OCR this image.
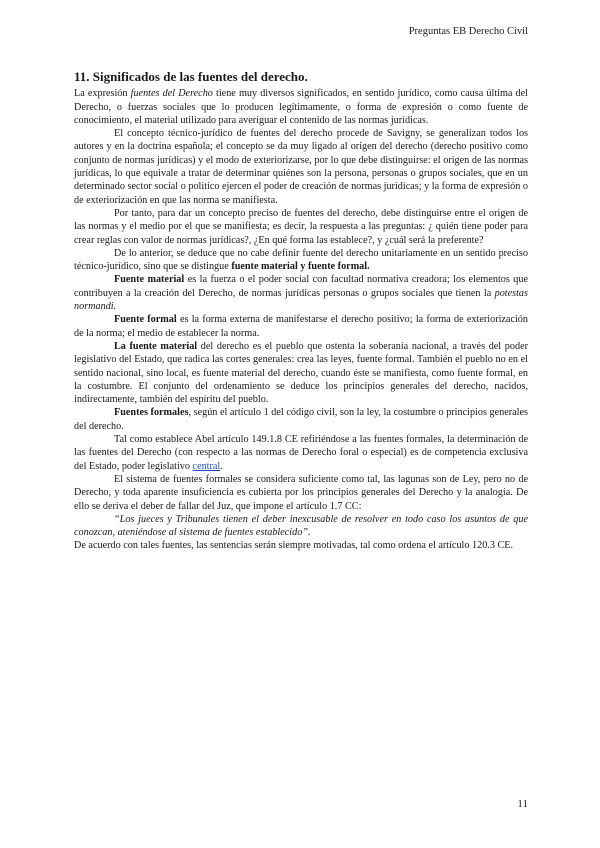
Preguntas EB Derecho Civil
11. Significados de las fuentes del derecho.

La expresión fuentes del Derecho tiene muy diversos significados, en sentido jurídico, como causa última del Derecho, o fuerzas sociales que lo producen legítimamente, o forma de expresión o como fuente de conocimiento, el material utilizado para averiguar el contenido de las normas jurídicas.

El concepto técnico-jurídico de fuentes del derecho procede de Savigny, se generalizan todos los autores y en la doctrina española; el concepto se da muy ligado al origen del derecho (derecho positivo como conjunto de normas jurídicas) y el modo de exteriorizarse, por lo que debe distinguirse: el origen de las normas jurídicas, lo que equivale a tratar de determinar quiénes son la persona, personas o grupos sociales, que en un determinado sector social o político ejercen el poder de creación de normas jurídicas; y la forma de expresión o de exteriorización en que las norma se manifiesta.

Por tanto, para dar un concepto preciso de fuentes del derecho, debe distinguirse entre el origen de las normas y el medio por el que se manifiesta; es decir, la respuesta a las preguntas: ¿ quién tiene poder para crear reglas con valor de normas jurídicas?, ¿En qué forma las establece?, y ¿cuál será la preferente?

De lo anterior, se deduce que no cabe definir fuente del derecho unitariamente en un sentido preciso técnico-jurídico, sino que se distingue fuente material y fuente formal.

Fuente material es la fuerza o el poder social con facultad normativa creadora; los elementos que contribuyen a la creación del Derecho, de normas jurídicas personas o grupos sociales que tienen la potestas normandi.

Fuente formal es la forma externa de manifestarse el derecho positivo; la forma de exteriorización de la norma; el medio de establecer la norma.

La fuente material del derecho es el pueblo que ostenta la soberanía nacional, a través del poder legislativo del Estado, que radica las cortes generales: crea las leyes, fuente formal. También el pueblo no en el sentido nacional, sino local, es fuente material del derecho, cuando éste se manifiesta, como fuente formal, en la costumbre. El conjunto del ordenamiento se deduce los principios generales del derecho, nacidos, indirectamente, también del espíritu del pueblo.

Fuentes formales, según el artículo 1 del código civil, son la ley, la costumbre o principios generales del derecho.

Tal como establece Abel artículo 149.1.8 CE refiriéndose a las fuentes formales, la determinación de las fuentes del Derecho (con respecto a las normas de Derecho foral o especial) es de competencia exclusiva del Estado, poder legislativo central.

El sistema de fuentes formales se considera suficiente como tal, las lagunas son de Ley, pero no de Derecho, y toda aparente insuficiencia es cubierta por los principios generales del Derecho y la analogía. De ello se deriva el deber de fallar del Juz, que impone el artículo 1.7 CC:

“Los jueces y Tribunales tienen el deber inexcusable de resolver en todo caso los asuntos de que conozcan, ateniéndose al sistema de fuentes establecido”.

De acuerdo con tales fuentes, las sentencias serán siempre motivadas, tal como ordena el artículo 120.3 CE.

11
